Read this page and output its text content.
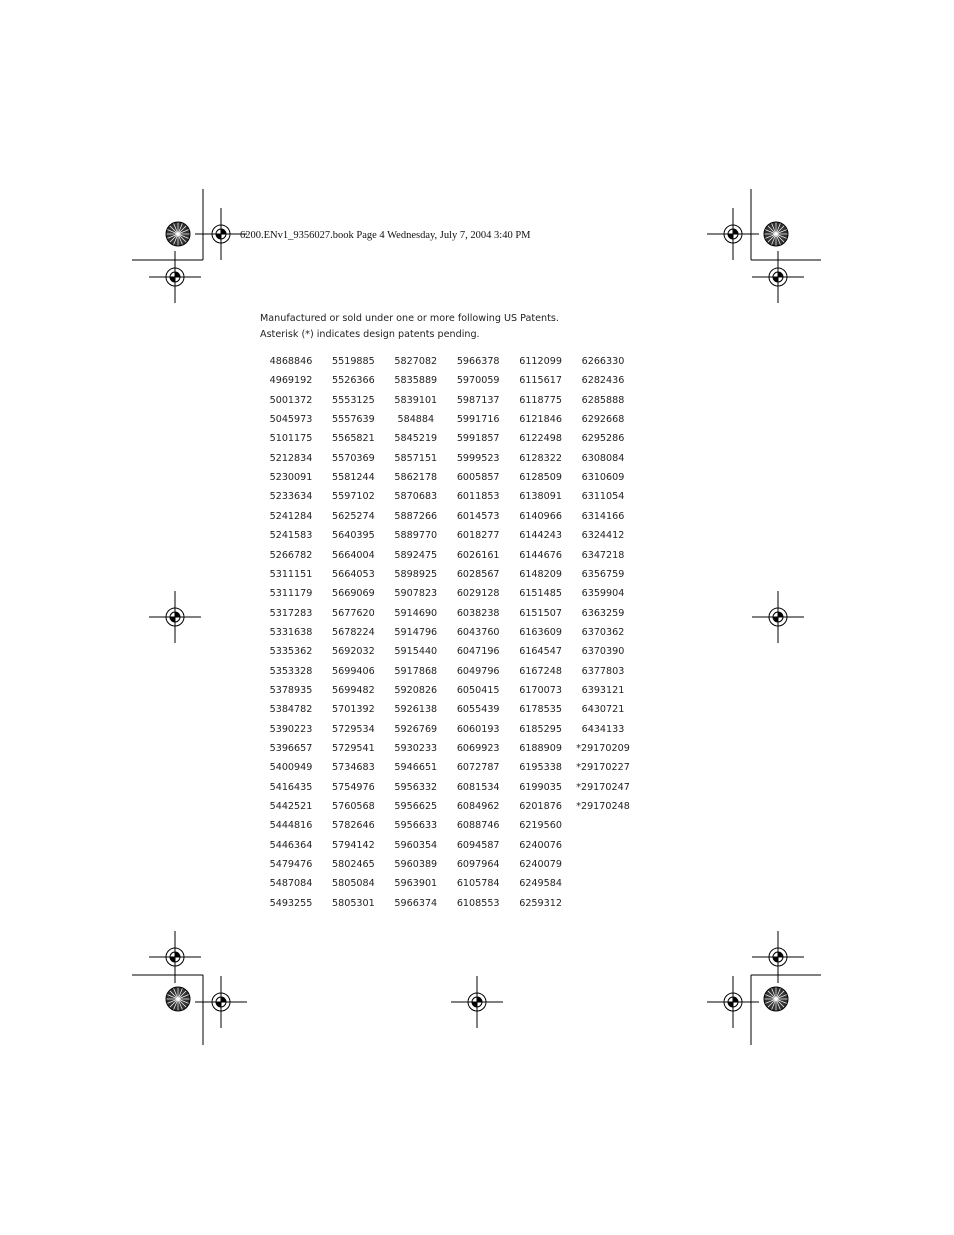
6200.ENv1_9356027.book Page 4 Wednesday, July 7, 2004 3:40 PM
Manufactured or sold under one or more following US Patents.
Asterisk (*) indicates design patents pending.
4868846
4969192
5001372
5045973
5101175
5212834
5230091
5233634
5241284
5241583
5266782
5311151
5311179
5317283
5331638
5335362
5353328
5378935
5384782
5390223
5396657
5400949
5416435
5442521
5444816
5446364
5479476
5487084
5493255
5519885
5526366
5553125
5557639
5565821
5570369
5581244
5597102
5625274
5640395
5664004
5664053
5669069
5677620
5678224
5692032
5699406
5699482
5701392
5729534
5729541
5734683
5754976
5760568
5782646
5794142
5802465
5805084
5805301
5827082
5835889
5839101
584884
5845219
5857151
5862178
5870683
5887266
5889770
5892475
5898925
5907823
5914690
5914796
5915440
5917868
5920826
5926138
5926769
5930233
5946651
5956332
5956625
5956633
5960354
5960389
5963901
5966374
5966378
5970059
5987137
5991716
5991857
5999523
6005857
6011853
6014573
6018277
6026161
6028567
6029128
6038238
6043760
6047196
6049796
6050415
6055439
6060193
6069923
6072787
6081534
6084962
6088746
6094587
6097964
6105784
6108553
6112099
6115617
6118775
6121846
6122498
6128322
6128509
6138091
6140966
6144243
6144676
6148209
6151485
6151507
6163609
6164547
6167248
6170073
6178535
6185295
6188909
6195338
6199035
6201876
6219560
6240076
6240079
6249584
6259312
6266330
6282436
6285888
6292668
6295286
6308084
6310609
6311054
6314166
6324412
6347218
6356759
6359904
6363259
6370362
6370390
6377803
6393121
6430721
6434133
*29170209
*29170227
*29170247
*29170248
